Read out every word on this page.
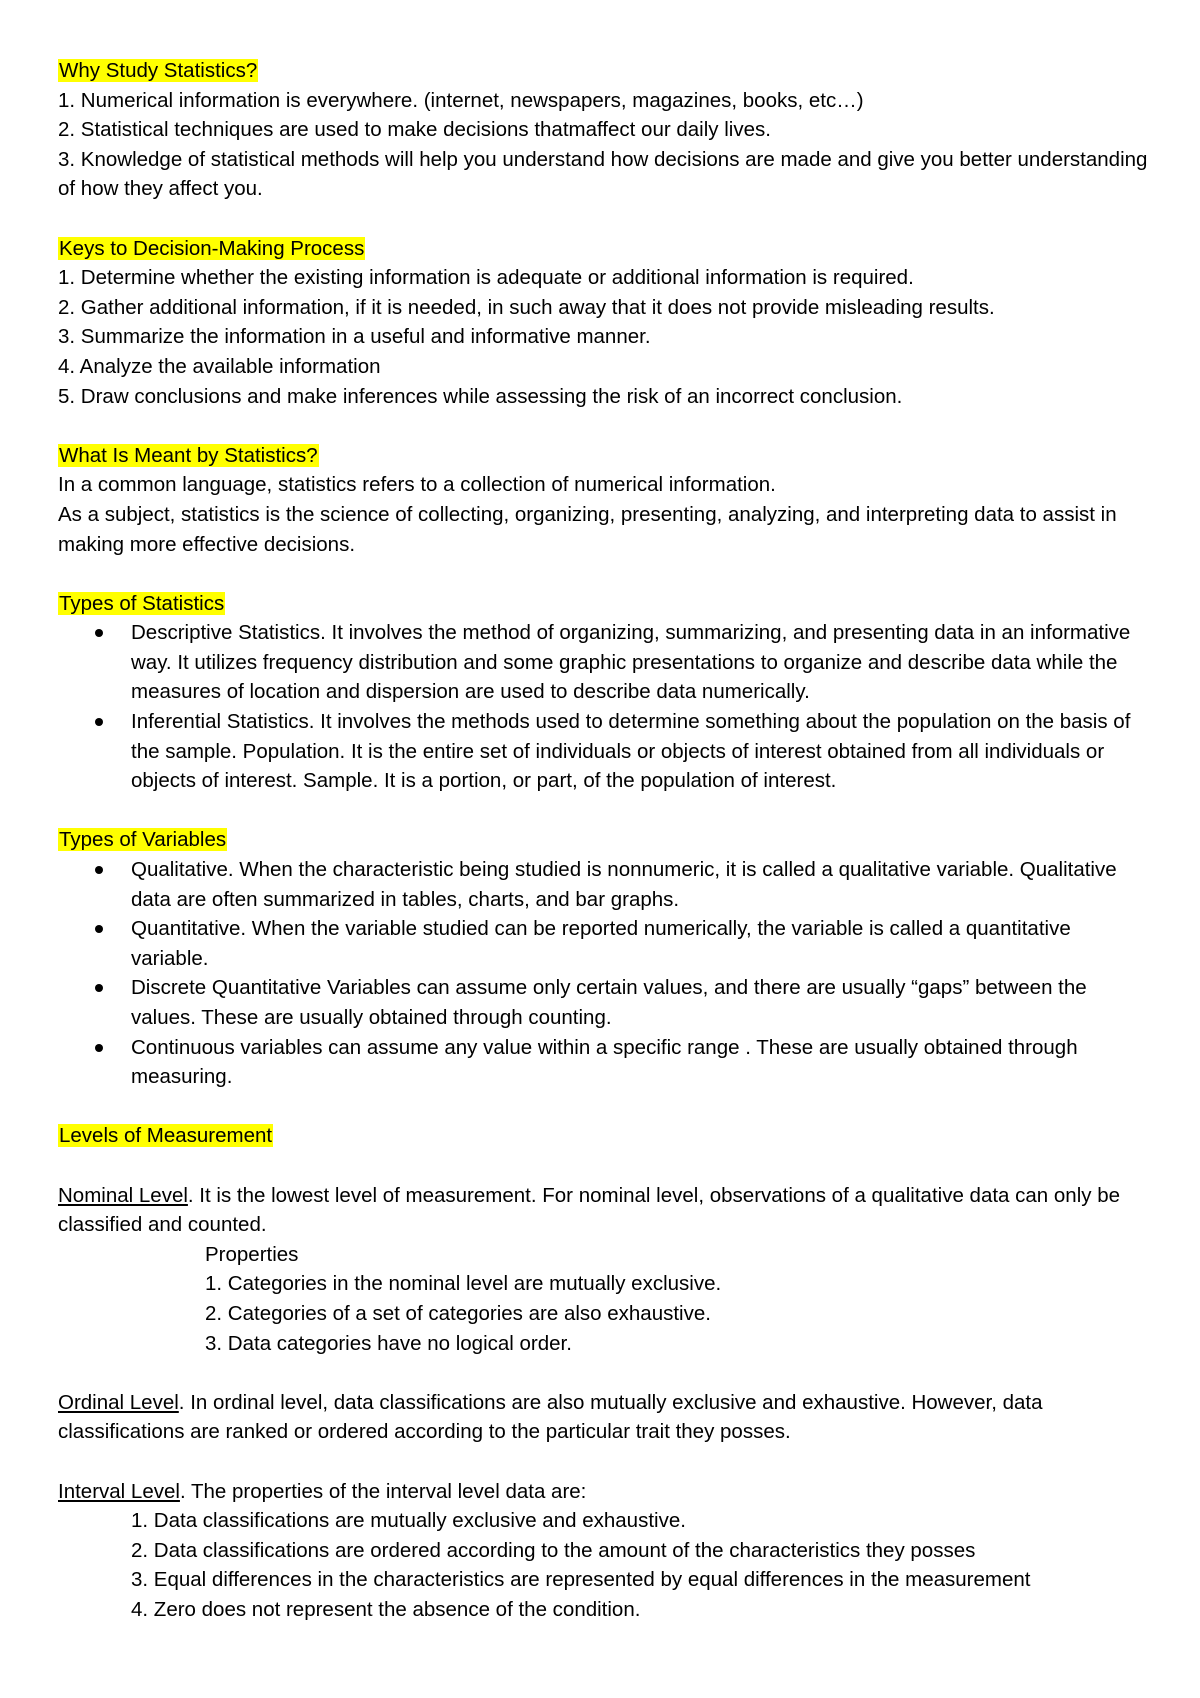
Why Study Statistics?
1. Numerical information is everywhere. (internet, newspapers, magazines, books, etc…)
2. Statistical techniques are used to make decisions thatmaffect our daily lives.
3. Knowledge of statistical methods will help you understand how decisions are made and give you better understanding of how they affect you.
Keys to Decision-Making Process
1. Determine whether the existing information is adequate or additional information is required.
2. Gather additional information, if it is needed, in such away that it does not provide misleading results.
3. Summarize the information in a useful and informative manner.
4. Analyze the available information
5. Draw conclusions and make inferences while assessing the risk of an incorrect conclusion.
What Is Meant by Statistics?
In a common language, statistics refers to a collection of numerical information.
As a subject, statistics is the science of collecting, organizing, presenting, analyzing, and interpreting data to assist in making more effective decisions.
Types of Statistics
Descriptive Statistics. It involves the method of organizing, summarizing, and presenting data in an informative way. It utilizes frequency distribution and some graphic presentations to organize and describe data while the measures of location and dispersion are used to describe data numerically.
Inferential Statistics. It involves the methods used to determine something about the population on the basis of the sample. Population. It is the entire set of individuals or objects of interest obtained from all individuals or objects of interest. Sample. It is a portion, or part, of the population of interest.
Types of Variables
Qualitative. When the characteristic being studied is nonnumeric, it is called a qualitative variable. Qualitative data are often summarized in tables, charts, and bar graphs.
Quantitative. When the variable studied can be reported numerically, the variable is called a quantitative variable.
Discrete Quantitative Variables can assume only certain values, and there are usually “gaps” between the values. These are usually obtained through counting.
Continuous variables can assume any value within a specific range . These are usually obtained through measuring.
Levels of Measurement
Nominal Level. It is the lowest level of measurement. For nominal level, observations of a qualitative data can only be classified and counted.
Properties
1. Categories in the nominal level are mutually exclusive.
2. Categories of a set of categories are also exhaustive.
3. Data categories have no logical order.
Ordinal Level. In ordinal level, data classifications are also mutually exclusive and exhaustive. However, data classifications are ranked or ordered according to the particular trait they posses.
Interval Level. The properties of the interval level data are:
1. Data classifications are mutually exclusive and exhaustive.
2. Data classifications are ordered according to the amount of the characteristics they posses
3. Equal differences in the characteristics are represented by equal differences in the measurement
4. Zero does not represent the absence of the condition.
